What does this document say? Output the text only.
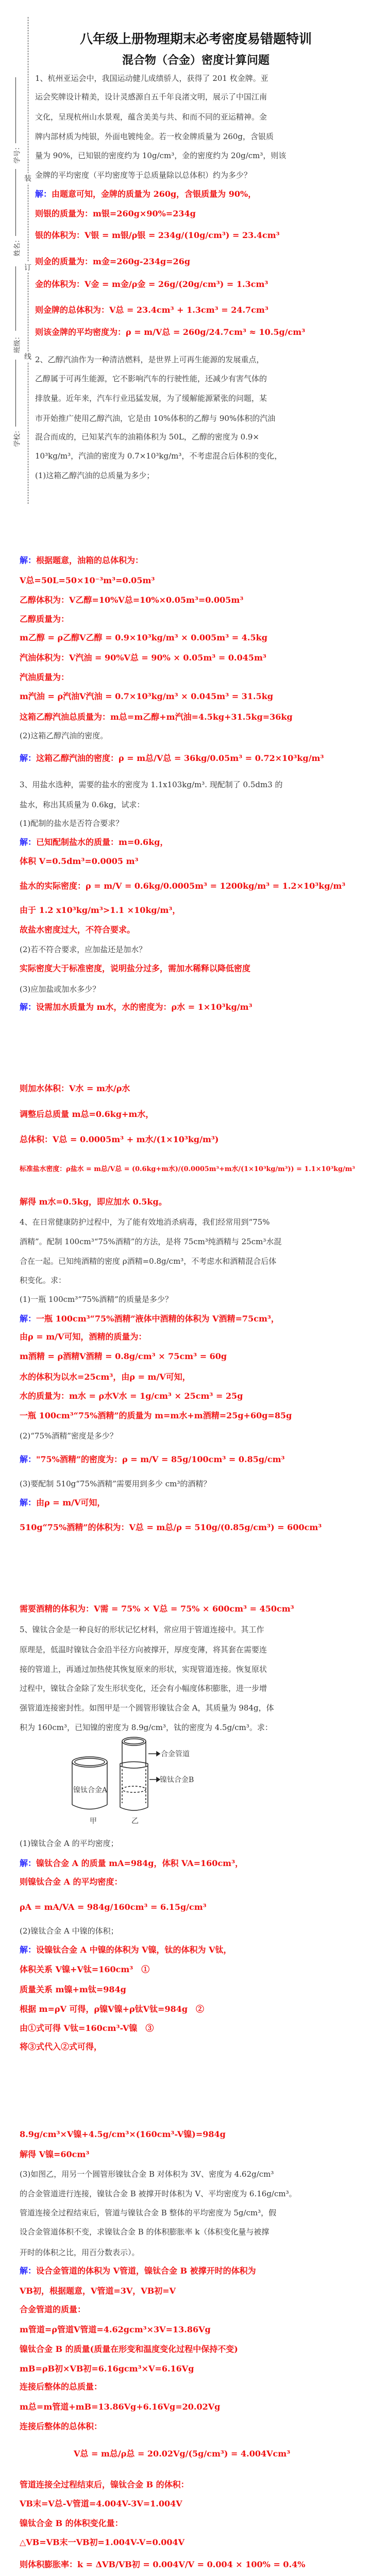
装
订
线
学号：
姓名：
班级：
学校：
八年级上册物理期末必考密度易错题特训
混合物（合金）密度计算问题
1、杭州亚运会中，我国运动健儿成绩骄人，获得了 201 枚金牌。亚
运会奖牌设计精美，设计灵感源自五千年良渚文明，展示了中国江南
文化，呈现杭州山水景观，蕴含美美与共、和而不同的亚运精神。金
牌内部材质为纯银，外面电镀纯金。若一枚金牌质量为 260g，含银质
量为 90%，已知银的密度约为 10g/cm³，金的密度约为 20g/cm³，则该
金牌的平均密度（平均密度等于总质量除以总体积）约为多少？
解：由题意可知，金牌的质量为 260g，含银质量为 90%，
则银的质量为：m银=260g×90%=234g
银的体积为：V银 = m银/ρ银 = 234g/(10g/cm³) = 23.4cm³
则金的质量为：m金=260g-234g=26g
金的体积为：V金 = m金/ρ金 = 26g/(20g/cm³) = 1.3cm³
则金牌的总体积为：V总 = 23.4cm³ + 1.3cm³ = 24.7cm³
则该金牌的平均密度为：ρ = m/V总 = 260g/24.7cm³ ≈ 10.5g/cm³
2、乙醇汽油作为一种清洁燃料，是世界上可再生能源的发展重点，
乙醇属于可再生能源，它不影响汽车的行驶性能，还减少有害气体的
排放量。近年来，汽车行业迅猛发展，为了缓解能源紧张的问题，某
市开始推广使用乙醇汽油，它是由 10%体积的乙醇与 90%体积的汽油
混合而成的，已知某汽车的油箱体积为 50L，乙醇的密度为 0.9×
10³kg/m³，汽油的密度为 0.7×10³kg/m³，不考虑混合后体积的变化，
(1)这箱乙醇汽油的总质量为多少；
解：根据题意，油箱的总体积为：
V总=50L=50×10⁻³m³=0.05m³
乙醇体积为：V乙醇=10%V总=10%×0.05m³=0.005m³
乙醇质量为：
m乙醇 = ρ乙醇V乙醇 = 0.9×10³kg/m³ × 0.005m³ = 4.5kg
汽油体积为：V汽油 = 90%V总 = 90% × 0.05m³ = 0.045m³
汽油质量为：
m汽油 = ρ汽油V汽油 = 0.7×10³kg/m³ × 0.045m³ = 31.5kg
这箱乙醇汽油总质量为：m总=m乙醇+m汽油=4.5kg+31.5kg=36kg
(2)这箱乙醇汽油的密度。
解：这箱乙醇汽油的密度：ρ = m总/V总 = 36kg/0.05m³ = 0.72×10³kg/m³
3、用盐水选种，需要的盐水的密度为 1.1x103kg/m³. 现配制了 0.5dm3 的
盐水，称出其质量为 0.6kg，试求：
(1)配制的盐水是否符合要求？
解：已知配制盐水的质量：m=0.6kg，
体积 V=0.5dm³=0.0005 m³
盐水的实际密度：ρ = m/V = 0.6kg/0.0005m³ = 1200kg/m³ = 1.2×10³kg/m³
由于 1.2 x10³kg/m³>1.1 ×10kg/m³，
故盐水密度过大，不符合要求。
(2)若不符合要求，应加盐还是加水？
实际密度大于标准密度，说明盐分过多，需加水稀释以降低密度
(3)应加盐或加水多少？
解：设需加水质量为 m水，水的密度为：ρ水 = 1×10³kg/m³
则加水体积：V水 = m水/ρ水
调整后总质量 m总=0.6kg+m水，
总体积：V总 = 0.0005m³ + m水/(1×10³kg/m³)
标准盐水密度：ρ盐水 = m总/V总 = (0.6kg+m水)/(0.0005m³+m水/(1×10³kg/m³)) = 1.1×10³kg/m³
解得 m水=0.5kg，即应加水 0.5kg。
4、在日常健康防护过程中，为了能有效地消杀病毒，我们经常用到“75%
酒精”。配制 100cm³“75%酒精”的方法，是将 75cm³纯酒精与 25cm³水混
合在一起。已知纯酒精的密度 ρ酒精=0.8g/cm³，不考虑水和酒精混合后体
积变化。求：
(1)一瓶 100cm³“75%酒精”的质量是多少？
解：一瓶 100cm³“75%酒精”液体中酒精的体积为 V酒精=75cm³，
由ρ = m/V可知，酒精的质量为：
m酒精 = ρ酒精V酒精 = 0.8g/cm³ × 75cm³ = 60g
水的体积为以水=25cm³，由ρ = m/V可知，
水的质量为：m水 = ρ水V水 = 1g/cm³ × 25cm³ = 25g
一瓶 100cm³“75%酒精”的质量为 m=m水+m酒精=25g+60g=85g
(2)“75%酒精”密度是多少？
解："75%酒精”的密度为：ρ = m/V = 85g/100cm³ = 0.85g/cm³
(3)要配制 510g“75%酒精”需要用到多少 cm³的酒精？
解：由ρ = m/V可知，
510g“75%酒精”的体积为：V总 = m总/ρ = 510g/(0.85g/cm³) = 600cm³
需要酒精的体积为：V需 = 75% × V总 = 75% × 600cm³ = 450cm³
5、镍钛合金是一种良好的形状记忆材料，常应用于管道连接中。其工作
原理是，低温时镍钛合金沿半径方向被撑开，厚度变薄，将其套在需要连
接的管道上，再通过加热使其恢复原来的形状，实现管道连接。恢复原状
过程中，镍钛合金除了发生形状变化，还会有小幅度体积膨胀，进一步增
强管道连接密封性。如图甲是一个圆管形镍钛合金 A，其质量为 984g，体
积为 160cm³，已知镍的密度为 8.9g/cm³，钛的密度为 4.5g/cm³。求：
(1)镍钛合金 A 的平均密度；
解：镍钛合金 A 的质量 mA=984g，体积 VA=160cm³，
则镍钛合金 A 的平均密度：
ρA = mA/VA = 984g/160cm³ = 6.15g/cm³
(2)镍钛合金 A 中镍的体积；
解：设镍钛合金 A 中镍的体积为 V镍，钛的体积为 V钛，
体积关系 V镍+V钛=160cm³　①
质量关系 m镍+m钛=984g
根据 m=ρV 可得，ρ镍V镍+ρ钛V钛=984g　②
由①式可得 V钛=160cm³-V镍　③
将③式代入②式可得，
8.9g/cm³×V镍+4.5g/cm³×(160cm³-V镍)=984g
解得 V镍=60cm³
(3)如图乙，用另一个圆管形镍钛合金 B 对体积为 3V、密度为 4.62g/cm³
的合金管道进行连接，镍钛合金 B 被撑开时体积为 V、平均密度为 6.16g/cm³。
管道连接全过程结束后，管道与镍钛合金 B 整体的平均密度为 5g/cm³，假
设合金管道体积不变，求镍钛合金 B 的体积膨胀率 k（体积变化量与被撑
开时的体积之比，用百分数表示）。
解：设合金管道的体积为 V管道，镍钛合金 B 被撑开时的体积为
VB初，根据题意，V管道=3V，VB初=V
合金管道的质量：
m管道=ρ管道V管道=4.62gcm³×3V=13.86Vg
镍钛合金 B 的质量(质量在形变和温度变化过程中保持不变)
mB=ρB初×VB初=6.16gcm³×V=6.16Vg
连接后整体的总质量：
m总=m管道+mB=13.86Vg+6.16Vg=20.02Vg
连接后整体的总体积：
V总 = m总/ρ总 = 20.02Vg/(5g/cm³) = 4.004Vcm³
管道连接全过程结束后，镍钛合金 B 的体积：
VB末=V总-V管道=4.004V-3V=1.004V
镍钛合金 B 的体积变化量：
△VB=VB末一VB初=1.004V-V=0.004V
则体积膨胀率：k = ΔVB/VB初 = 0.004V/V = 0.004 × 100% = 0.4%
合金管道
镍钛合金B
镍钛合金A
甲	乙
